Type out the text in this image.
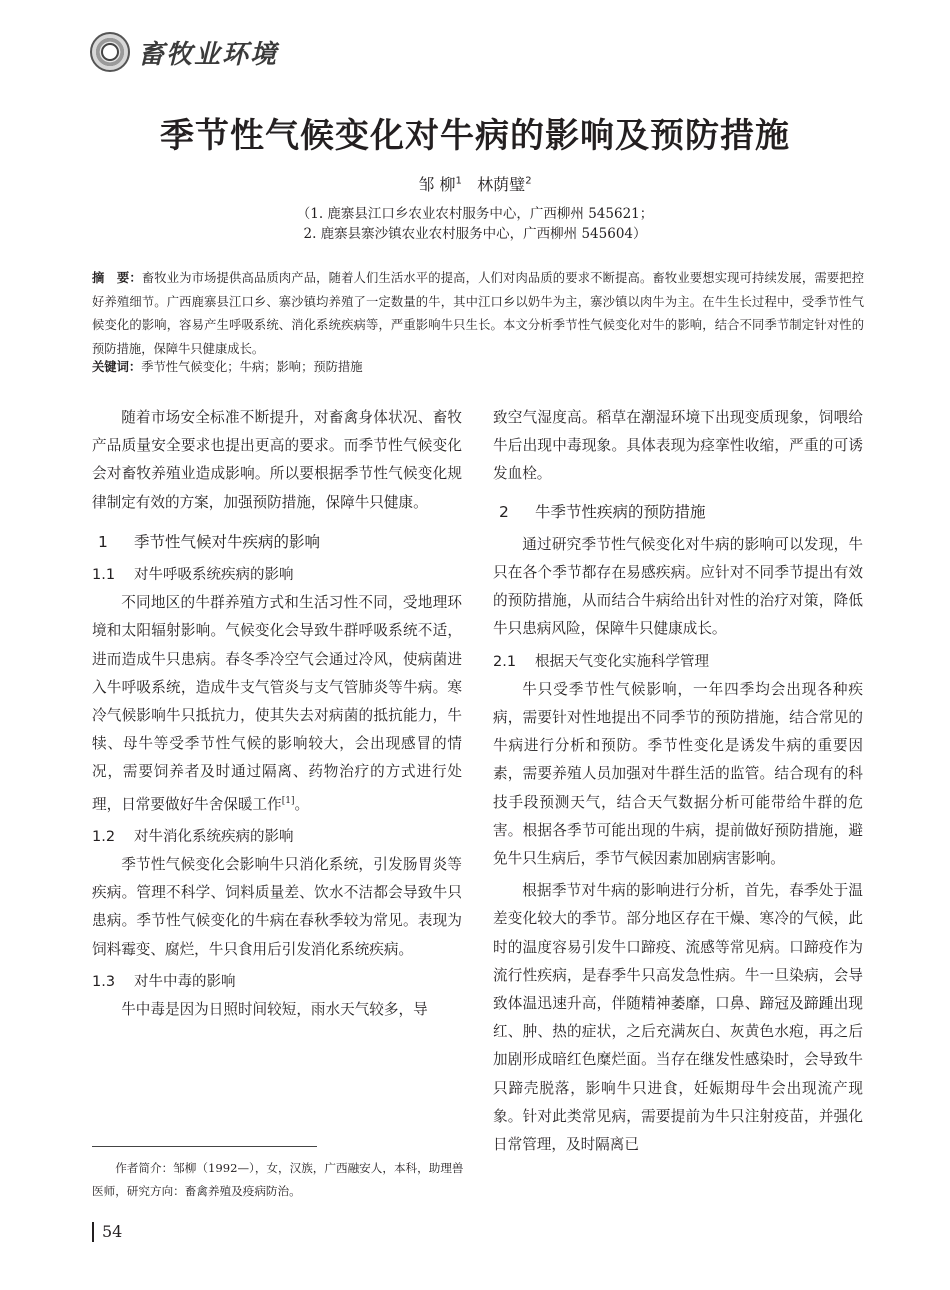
畜牧业环境
季节性气候变化对牛病的影响及预防措施
邹 柳$^1$ 林荫璧$^2$
（1. 鹿寨县江口乡农业农村服务中心，广西柳州 545621；
2. 鹿寨县寨沙镇农业农村服务中心，广西柳州 545604）
摘　要：畜牧业为市场提供高品质肉产品，随着人们生活水平的提高，人们对肉品质的要求不断提高。畜牧业要想实现可持续发展，需要把控好养殖细节。广西鹿寨县江口乡、寨沙镇均养殖了一定数量的牛，其中江口乡以奶牛为主，寨沙镇以肉牛为主。在牛生长过程中，受季节性气候变化的影响，容易产生呼吸系统、消化系统疾病等，严重影响牛只生长。本文分析季节性气候变化对牛的影响，结合不同季节制定针对性的预防措施，保障牛只健康成长。
关键词：季节性气候变化；牛病；影响；预防措施

随着市场安全标准不断提升，对畜禽身体状况、畜牧产品质量安全要求也提出更高的要求。而季节性气候变化会对畜牧养殖业造成影响。所以要根据季节性气候变化规律制定有效的方案，加强预防措施，保障牛只健康。

1 季节性气候对牛疾病的影响
1.1 对牛呼吸系统疾病的影响

不同地区的牛群养殖方式和生活习性不同，受地理环境和太阳辐射影响。气候变化会导致牛群呼吸系统不适，进而造成牛只患病。春冬季冷空气会通过冷风，使病菌进入牛呼吸系统，造成牛支气管炎与支气管肺炎等牛病。寒冷气候影响牛只抵抗力，使其失去对病菌的抵抗能力，牛犊、母牛等受季节性气候的影响较大，会出现感冒的情况，需要饲养者及时通过隔离、药物治疗的方式进行处理，日常要做好牛舍保暖工作[1]。

1.2 对牛消化系统疾病的影响

季节性气候变化会影响牛只消化系统，引发肠胃炎等疾病。管理不科学、饲料质量差、饮水不洁都会导致牛只患病。季节性气候变化的牛病在春秋季较为常见。表现为饲料霉变、腐烂，牛只食用后引发消化系统疾病。

1.3 对牛中毒的影响

牛中毒是因为日照时间较短，雨水天气较多，导

致空气湿度高。稻草在潮湿环境下出现变质现象，饲喂给牛后出现中毒现象。具体表现为痉挛性收缩，严重的可诱发血栓。

2 牛季节性疾病的预防措施

通过研究季节性气候变化对牛病的影响可以发现，牛只在各个季节都存在易感疾病。应针对不同季节提出有效的预防措施，从而结合牛病给出针对性的治疗对策，降低牛只患病风险，保障牛只健康成长。

2.1 根据天气变化实施科学管理

牛只受季节性气候影响，一年四季均会出现各种疾病，需要针对性地提出不同季节的预防措施，结合常见的牛病进行分析和预防。季节性变化是诱发牛病的重要因素，需要养殖人员加强对牛群生活的监管。结合现有的科技手段预测天气，结合天气数据分析可能带给牛群的危害。根据各季节可能出现的牛病，提前做好预防措施，避免牛只生病后，季节气候因素加剧病害影响。

根据季节对牛病的影响进行分析，首先，春季处于温差变化较大的季节。部分地区存在干燥、寒冷的气候，此时的温度容易引发牛口蹄疫、流感等常见病。口蹄疫作为流行性疾病，是春季牛只高发急性病。牛一旦染病，会导致体温迅速升高，伴随精神萎靡，口鼻、蹄冠及蹄踵出现红、肿、热的症状，之后充满灰白、灰黄色水疱，再之后加剧形成暗红色糜烂面。当存在继发性感染时，会导致牛只蹄壳脱落，影响牛只进食，妊娠期母牛会出现流产现象。针对此类常见病，需要提前为牛只注射疫苗，并强化日常管理，及时隔离已

作者简介：邹柳（1992—），女，汉族，广西融安人，本科，助理兽医师，研究方向：畜禽养殖及疫病防治。
54
